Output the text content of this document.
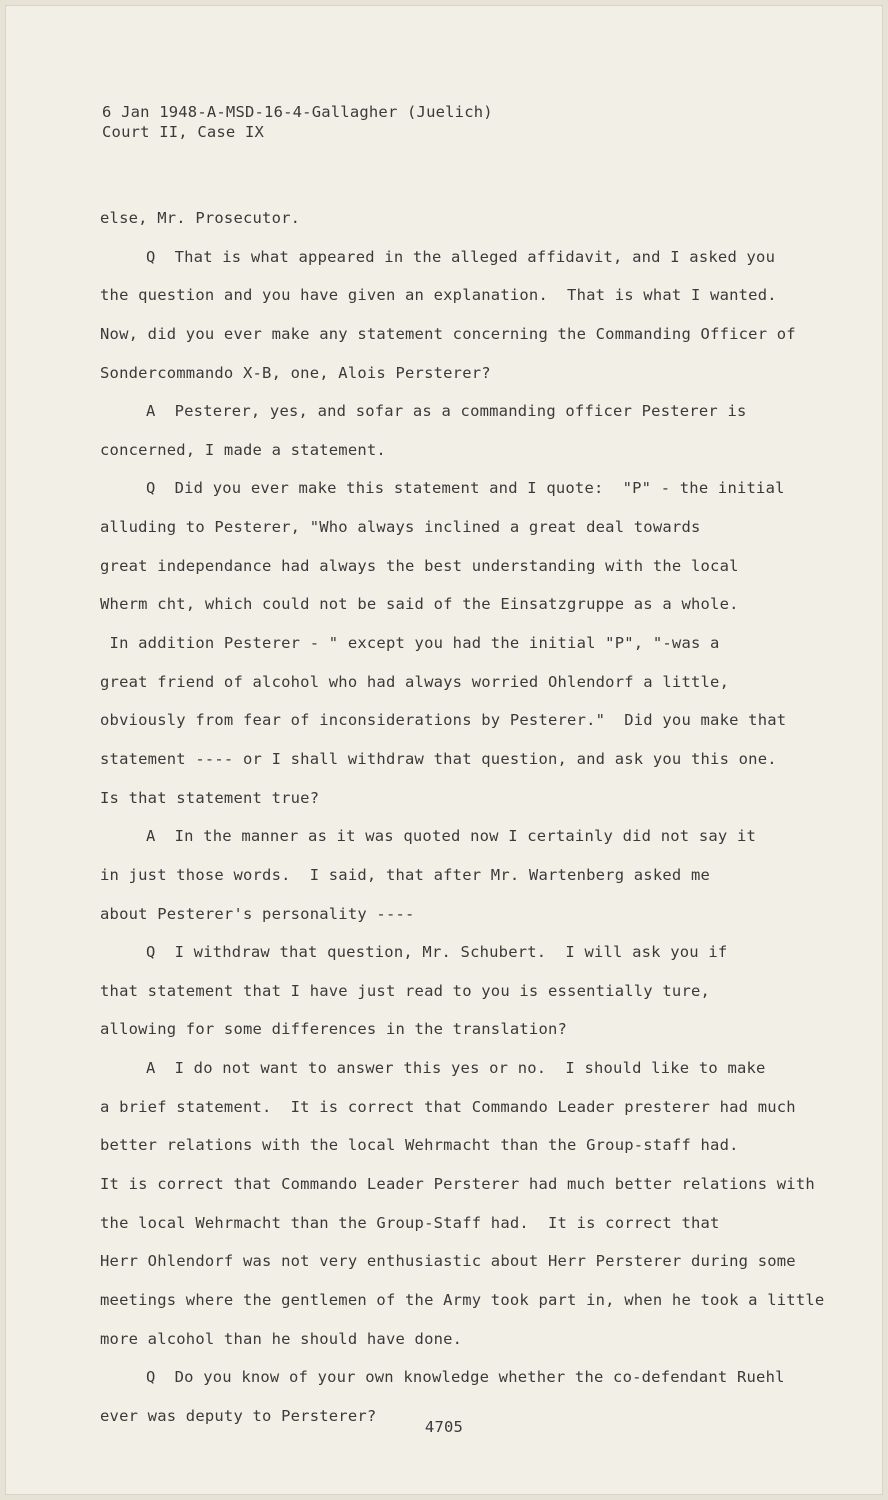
6 Jan 1948-A-MSD-16-4-Gallagher (Juelich)
Court II, Case IX
else, Mr. Prosecutor.
Q  That is what appeared in the alleged affidavit, and I asked you
the question and you have given an explanation.  That is what I wanted.
Now, did you ever make any statement concerning the Commanding Officer of
Sondercommando X-B, one, Alois Persterer?
A  Pesterer, yes, and sofar as a commanding officer Pesterer is
concerned, I made a statement.
Q  Did you ever make this statement and I quote:  "P" - the initial
alluding to Pesterer, "Who always inclined a great deal towards
great independance had always the best understanding with the local
Wherm cht, which could not be said of the Einsatzgruppe as a whole.
In addition Pesterer - " except you had the initial "P", "-was a
great friend of alcohol who had always worried Ohlendorf a little,
obviously from fear of inconsiderations by Pesterer."  Did you make that
statement ---- or I shall withdraw that question, and ask you this one.
Is that statement true?
A  In the manner as it was quoted now I certainly did not say it
in just those words.  I said, that after Mr. Wartenberg asked me
about Pesterer's personality ----
Q  I withdraw that question, Mr. Schubert.  I will ask you if
that statement that I have just read to you is essentially ture,
allowing for some differences in the translation?
A  I do not want to answer this yes or no.  I should like to make
a brief statement.  It is correct that Commando Leader presterer had much
better relations with the local Wehrmacht than the Group-staff had.
It is correct that Commando Leader Persterer had much better relations with
the local Wehrmacht than the Group-Staff had.  It is correct that
Herr Ohlendorf was not very enthusiastic about Herr Persterer during some
meetings where the gentlemen of the Army took part in, when he took a little
more alcohol than he should have done.
Q  Do you know of your own knowledge whether the co-defendant Ruehl
ever was deputy to Persterer?
4705
